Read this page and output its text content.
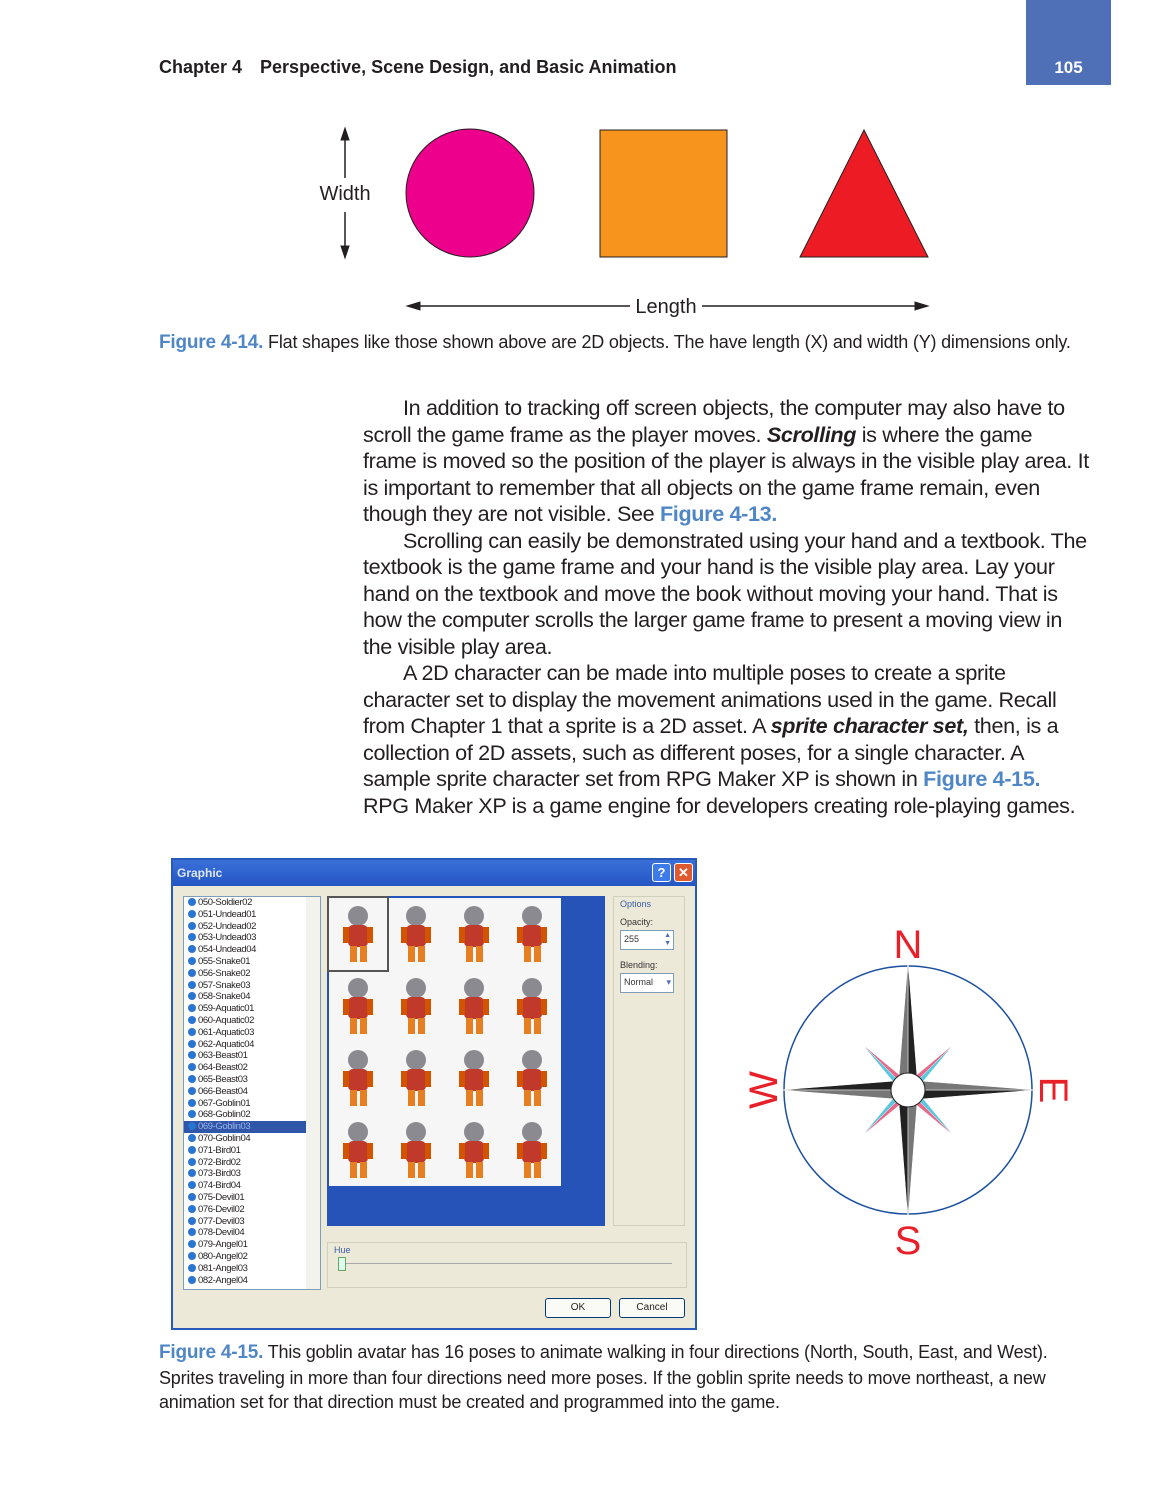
Chapter 4 Perspective, Scene Design, and Basic Animation	105
Width
Length
Figure 4-14. Flat shapes like those shown above are 2D objects. The have length (X) and width (Y) dimensions only.

In addition to tracking off screen objects, the computer may also have to scroll the game frame as the player moves. Scrolling is where the game frame is moved so the position of the player is always in the visible play area. It is important to remember that all objects on the game frame remain, even though they are not visible. See Figure 4-13.

Scrolling can easily be demonstrated using your hand and a textbook. The textbook is the game frame and your hand is the visible play area. Lay your hand on the textbook and move the book without moving your hand. That is how the computer scrolls the larger game frame to present a moving view in the visible play area.

A 2D character can be made into multiple poses to create a sprite character set to display the movement animations used in the game. Recall from Chapter 1 that a sprite is a 2D asset. A sprite character set, then, is a collection of 2D assets, such as different poses, for a single character. A sample sprite character set from RPG Maker XP is shown in Figure 4-15. RPG Maker XP is a game engine for developers creating role-playing games.

Graphic	? ✕
050-Soldier02
051-Undead01
052-Undead02
053-Undead03
054-Undead04
055-Snake01
056-Snake02
057-Snake03
058-Snake04
059-Aquatic01
060-Aquatic02
061-Aquatic03
062-Aquatic04
063-Beast01
064-Beast02
065-Beast03
066-Beast04
067-Goblin01
068-Goblin02
069-Goblin03
070-Goblin04
071-Bird01
072-Bird02
073-Bird03
074-Bird04
075-Devil01
076-Devil02
077-Devil03
078-Devil04
079-Angel01
080-Angel02
081-Angel03
082-Angel04
Options
Opacity:
255	▲
▼
Blending:
Normal ▾
Hue
OK	Cancel
N
S
E
W
Figure 4-15. This goblin avatar has 16 poses to animate walking in four directions (North, South, East, and West). Sprites traveling in more than four directions need more poses. If the goblin sprite needs to move northeast, a new animation set for that direction must be created and programmed into the game.
